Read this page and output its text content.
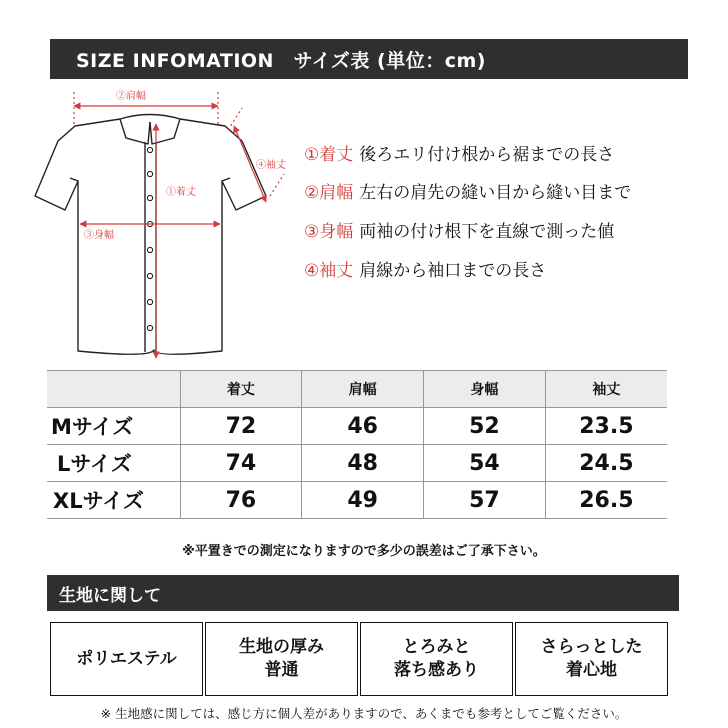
SIZE INFOMATION　サイズ表 (単位：cm)
②肩幅
①着丈
③身幅
④袖丈
①着丈 後ろエリ付け根から裾までの長さ
②肩幅 左右の肩先の縫い目から縫い目まで
③身幅 両袖の付け根下を直線で測った値
④袖丈 肩線から袖口までの長さ
	着丈	肩幅	身幅	袖丈
Mサイズ	72	46	52	23.5
Lサイズ	74	48	54	24.5
XLサイズ	76	49	57	26.5
※平置きでの測定になりますので多少の誤差はご了承下さい。
生地に関して
ポリエステル
生地の厚み
普通
とろみと
落ち感あり
さらっとした
着心地
※ 生地感に関しては、感じ方に個人差がありますので、あくまでも参考としてご覧ください。
